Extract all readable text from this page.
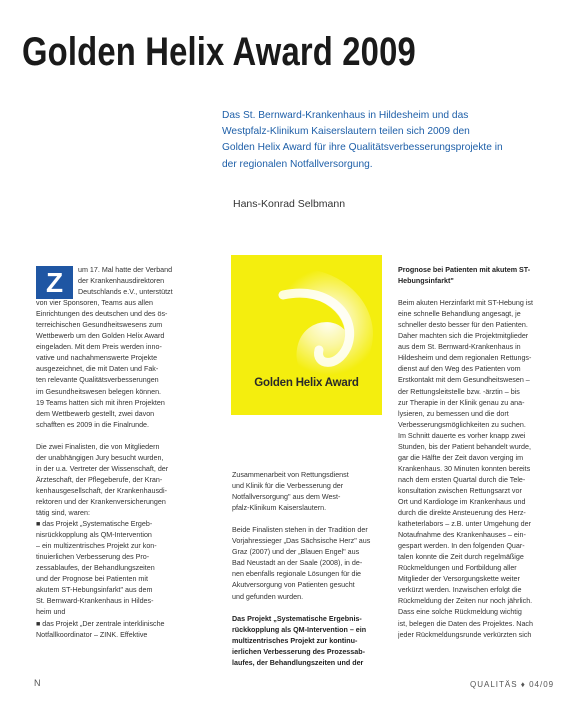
Golden Helix Award 2009
Das St. Bernward-Krankenhaus in Hildesheim und das
Westpfalz-Klinikum Kaiserslautern teilen sich 2009 den
Golden Helix Award für ihre Qualitätsverbesserungsprojekte in
der regionalen Notfallversorgung.
Hans-Konrad Selbmann
Z	um 17. Mal hatte der Verband
der Krankenhausdirektoren
Deutschlands e.V., unterstützt
von vier Sponsoren, Teams aus allen
Einrichtungen des deutschen und des ös-
terreichischen Gesundheitswesens zum
Wettbewerb um den Golden Helix Award
eingeladen. Mit dem Preis werden inno-
vative und nachahmenswerte Projekte
ausgezeichnet, die mit Daten und Fak-
ten relevante Qualitätsverbesserungen
im Gesundheitswesen belegen können.
19 Teams hatten sich mit ihren Projekten
dem Wettbewerb gestellt, zwei davon
schafften es 2009 in die Finalrunde.

Die zwei Finalisten, die von Mitgliedern
der unabhängigen Jury besucht wurden,
in der u.a. Vertreter der Wissenschaft, der
Ärzteschaft, der Pflegeberufe, der Kran-
kenhausgesellschaft, der Krankenhausdi-
rektoren und der Krankenversicherungen
tätig sind, waren:
■ das Projekt „Systematische Ergeb-
nisrückkopplung als QM-Intervention
– ein multizentrisches Projekt zur kon-
tinuierlichen Verbesserung des Pro-
zessablaufes, der Behandlungszeiten
und der Prognose bei Patienten mit
akutem ST-Hebungsinfarkt" aus dem
St. Bernward-Krankenhaus in Hildes-
heim und
■ das Projekt „Der zentrale interklinische
Notfallkoordinator – ZINK. Effektive
Golden Helix Award
Zusammenarbeit von Rettungsdienst
und Klinik für die Verbesserung der
Notfallversorgung" aus dem West-
pfalz-Klinikum Kaiserslautern.

Beide Finalisten stehen in der Tradition der
Vorjahressieger „Das Sächsische Herz" aus
Graz (2007) und der „Blauen Engel" aus
Bad Neustadt an der Saale (2008), in de-
nen ebenfalls regionale Lösungen für die
Akutversorgung von Patienten gesucht
und gefunden wurden.

Das Projekt „Systematische Ergebnis-
rückkopplung als QM-Intervention – ein
multizentrisches Projekt zur kontinu-
ierlichen Verbesserung des Prozessab-
laufes, der Behandlungszeiten und der
Prognose bei Patienten mit akutem ST-
Hebungsinfarkt"

Beim akuten Herzinfarkt mit ST-Hebung ist
eine schnelle Behandlung angesagt, je
schneller desto besser für den Patienten.
Daher machten sich die Projektmitglieder
aus dem St. Bernward-Krankenhaus in
Hildesheim und dem regionalen Rettungs-
dienst auf den Weg des Patienten vom
Erstkontakt mit dem Gesundheitswesen –
der Rettungsleitstelle bzw. -ärztin – bis
zur Therapie in der Klinik genau zu ana-
lysieren, zu bemessen und die dort
Verbesserungsmöglichkeiten zu suchen.
Im Schnitt dauerte es vorher knapp zwei
Stunden, bis der Patient behandelt wurde,
gar die Hälfte der Zeit davon verging im
Krankenhaus. 30 Minuten konnten bereits
nach dem ersten Quartal durch die Tele-
konsultation zwischen Rettungsarzt vor
Ort und Kardiologe im Krankenhaus und
durch die direkte Ansteuerung des Herz-
katheterlabors – z.B. unter Umgehung der
Notaufnahme des Krankenhauses – ein-
gespart werden. In den folgenden Quar-
talen konnte die Zeit durch regelmäßige
Rückmeldungen und Fortbildung aller
Mitglieder der Versorgungskette weiter
verkürzt werden. Inzwischen erfolgt die
Rückmeldung der Zeiten nur noch jährlich.
Dass eine solche Rückmeldung wichtig
ist, belegen die Daten des Projektes. Nach
jeder Rückmeldungsrunde verkürzten sich
N	QUALITÄS ♦ 04/09
